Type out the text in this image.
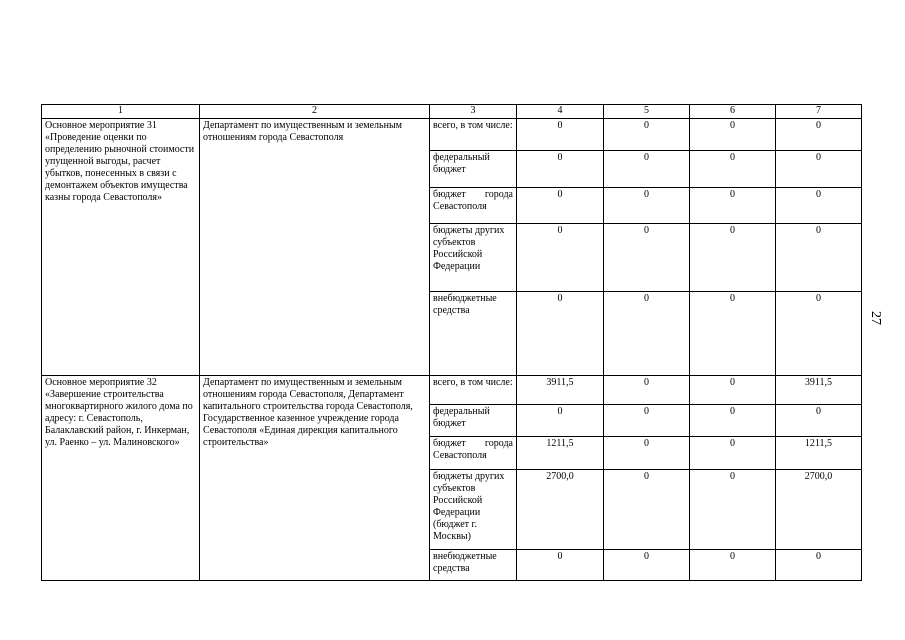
1	2	3	4	5	6	7
Основное мероприятие 31 «Проведение оценки по определению рыночной стоимости упущенной выгоды, расчет убытков, понесенных в связи с демонтажем объектов имущества казны города Севастополя»	Департамент по имущественным и земельным отношениям города Севастополя	всего, в том числе:	0	0	0	0
		федеральный бюджет	0	0	0	0
		бюджет города Севастополя	0	0	0	0
		бюджеты других субъектов Российской Федерации	0	0	0	0
		внебюджетные средства	0	0	0	0
Основное мероприятие 32 «Завершение строительства многоквартирного жилого дома по адресу: г. Севастополь, Балаклавский район, г. Инкерман, ул. Раенко – ул. Малиновского»	Департамент по имущественным и земельным отношениям города Севастополя, Департамент капитального строительства города Севастополя, Государственное казенное учреждение города Севастополя «Единая дирекция капитального строительства»	всего, в том числе:	3911,5	0	0	3911,5
		федеральный бюджет	0	0	0	0
		бюджет города Севастополя	1211,5	0	0	1211,5
		бюджеты других субъектов Российской Федерации (бюджет г. Москвы)	2700,0	0	0	2700,0
		внебюджетные средства	0	0	0	0
27
